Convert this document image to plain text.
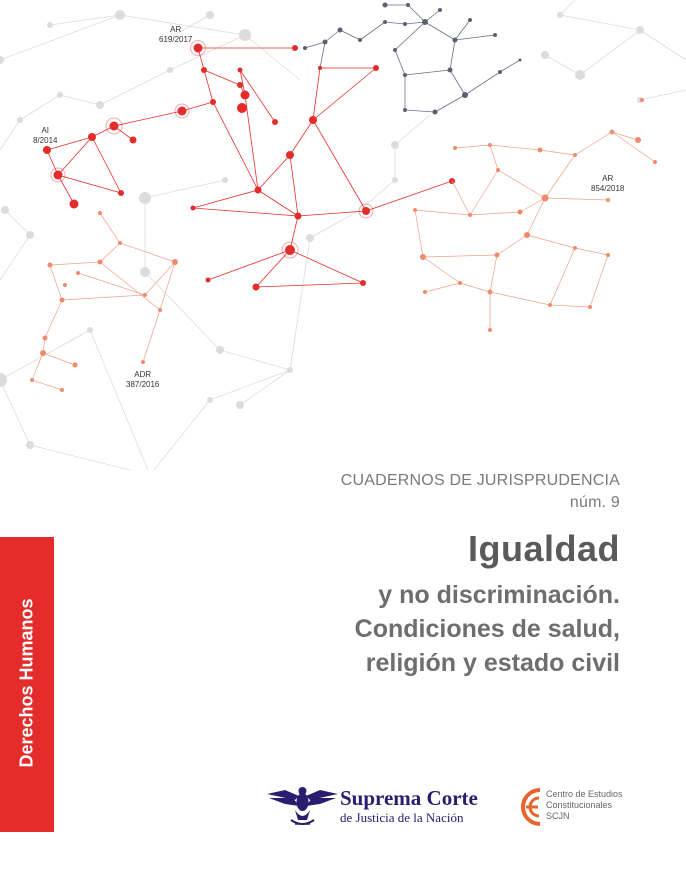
AR
619/2017
AI
8/2014
AR
854/2018
ADR
387/2016
CUADERNOS DE JURISPRUDENCIA
núm. 9
Igualdad
y no discriminación.
Condiciones de salud,
religión y estado civil
Derechos Humanos
Suprema Corte
de Justicia de la Nación
Centro de Estudios
Constitucionales
SCJN
